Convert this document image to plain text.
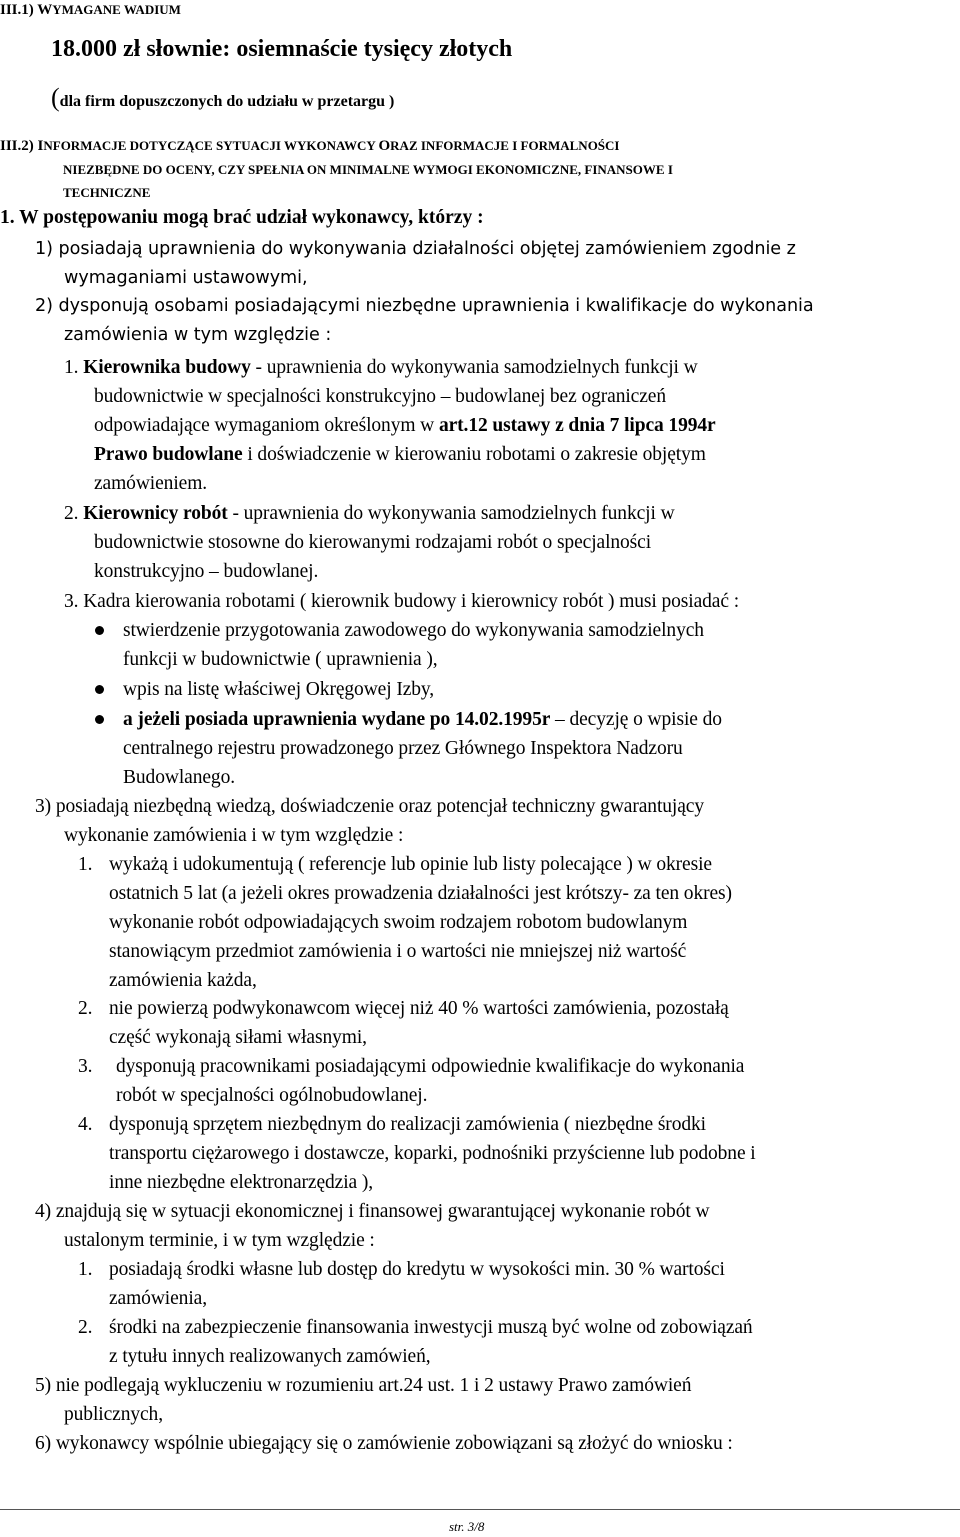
III.1) WYMAGANE WADIUM
18.000 zł słownie: osiemnaście tysięcy złotych
(dla firm dopuszczonych do udziału w przetargu )
III.2) INFORMACJE DOTYCZĄCE SYTUACJI WYKONAWCY ORAZ INFORMACJE I FORMALNOŚCI
NIEZBĘDNE DO OCENY, CZY SPEŁNIA ON MINIMALNE WYMOGI EKONOMICZNE, FINANSOWE I
TECHNICZNE
1. W postępowaniu mogą brać udział wykonawcy, którzy :
1) posiadają uprawnienia do wykonywania działalności objętej zamówieniem zgodnie z
wymaganiami ustawowymi,
2) dysponują osobami posiadającymi niezbędne uprawnienia i kwalifikacje do wykonania
zamówienia w tym względzie :
1. Kierownika budowy - uprawnienia do wykonywania samodzielnych funkcji w
budownictwie w specjalności konstrukcyjno – budowlanej bez ograniczeń
odpowiadające wymaganiom określonym w art.12 ustawy z dnia 7 lipca 1994r
Prawo budowlane i doświadczenie w kierowaniu robotami o zakresie objętym
zamówieniem.
2. Kierownicy robót - uprawnienia do wykonywania samodzielnych funkcji w
budownictwie stosowne do kierowanymi rodzajami robót o specjalności
konstrukcyjno – budowlanej.
3. Kadra kierowania robotami ( kierownik budowy i kierownicy robót ) musi posiadać :
stwierdzenie przygotowania zawodowego do wykonywania samodzielnych
funkcji w budownictwie ( uprawnienia ),
wpis na listę właściwej Okręgowej Izby,
a jeżeli posiada uprawnienia wydane po 14.02.1995r – decyzję o wpisie do
centralnego rejestru prowadzonego przez Głównego Inspektora Nadzoru
Budowlanego.
3) posiadają niezbędną wiedzą, doświadczenie oraz potencjał techniczny gwarantujący
wykonanie zamówienia i w tym względzie :
1. wykażą i udokumentują ( referencje lub opinie lub listy polecające ) w okresie
ostatnich 5 lat (a jeżeli okres prowadzenia działalności jest krótszy- za ten okres)
wykonanie robót odpowiadających swoim rodzajem robotom budowlanym
stanowiącym przedmiot zamówienia i o wartości nie mniejszej niż wartość
zamówienia każda,
2. nie powierzą podwykonawcom więcej niż 40 % wartości zamówienia, pozostałą
część wykonają siłami własnymi,
3. dysponują pracownikami posiadającymi odpowiednie kwalifikacje do wykonania
robót w specjalności ogólnobudowlanej.
4. dysponują sprzętem niezbędnym do realizacji zamówienia ( niezbędne środki
transportu ciężarowego i dostawcze, koparki, podnośniki przyścienne lub podobne i
inne niezbędne elektronarzędzia ),
4) znajdują się w sytuacji ekonomicznej i finansowej gwarantującej wykonanie robót w
ustalonym terminie, i w tym względzie :
1. posiadają środki własne lub dostęp do kredytu w wysokości min. 30 % wartości
zamówienia,
2. środki na zabezpieczenie finansowania inwestycji muszą być wolne od zobowiązań
z tytułu innych realizowanych zamówień,
5) nie podlegają wykluczeniu w rozumieniu art.24 ust. 1 i 2 ustawy Prawo zamówień
publicznych,
6) wykonawcy wspólnie ubiegający się o zamówienie zobowiązani są złożyć do wniosku :
str. 3/8
